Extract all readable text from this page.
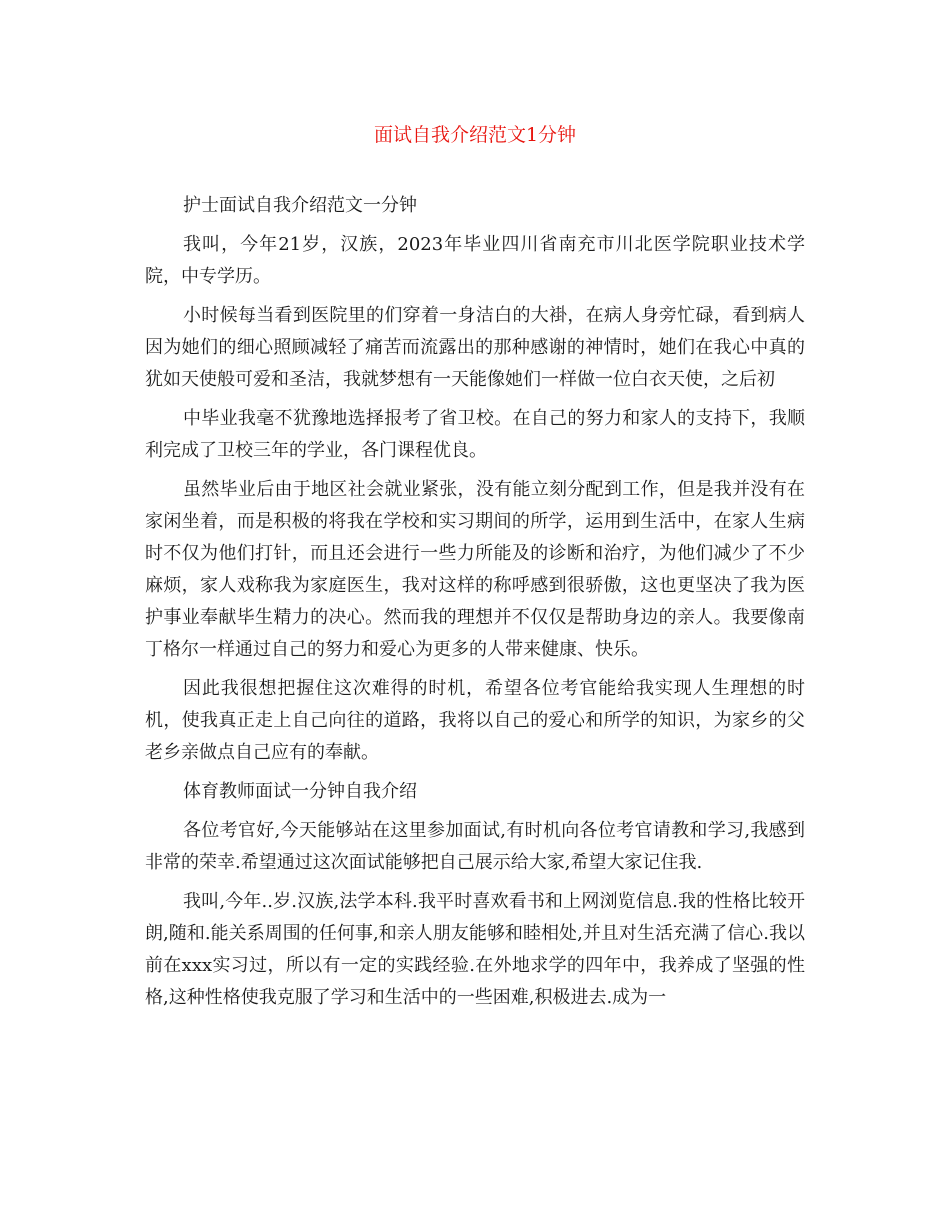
面试自我介绍范文1分钟

护士面试自我介绍范文一分钟

我叫，今年21岁，汉族，2023年毕业四川省南充市川北医学院职业技术学院，中专学历。

小时候每当看到医院里的们穿着一身洁白的大褂，在病人身旁忙碌，看到病人因为她们的细心照顾减轻了痛苦而流露出的那种感谢的神情时，她们在我心中真的犹如天使般可爱和圣洁，我就梦想有一天能像她们一样做一位白衣天使，之后初

中毕业我毫不犹豫地选择报考了省卫校。在自己的努力和家人的支持下，我顺利完成了卫校三年的学业，各门课程优良。

虽然毕业后由于地区社会就业紧张，没有能立刻分配到工作，但是我并没有在家闲坐着，而是积极的将我在学校和实习期间的所学，运用到生活中，在家人生病时不仅为他们打针，而且还会进行一些力所能及的诊断和治疗，为他们减少了不少麻烦，家人戏称我为家庭医生，我对这样的称呼感到很骄傲，这也更坚决了我为医护事业奉献毕生精力的决心。然而我的理想并不仅仅是帮助身边的亲人。我要像南丁格尔一样通过自己的努力和爱心为更多的人带来健康、快乐。

因此我很想把握住这次难得的时机，希望各位考官能给我实现人生理想的时机，使我真正走上自己向往的道路，我将以自己的爱心和所学的知识，为家乡的父老乡亲做点自己应有的奉献。

体育教师面试一分钟自我介绍

各位考官好,今天能够站在这里参加面试,有时机向各位考官请教和学习,我感到非常的荣幸.希望通过这次面试能够把自己展示给大家,希望大家记住我.

我叫,今年..岁.汉族,法学本科.我平时喜欢看书和上网浏览信息.我的性格比较开朗,随和.能关系周围的任何事,和亲人朋友能够和睦相处,并且对生活充满了信心.我以前在xxx实习过，所以有一定的实践经验.在外地求学的四年中，我养成了坚强的性格,这种性格使我克服了学习和生活中的一些困难,积极进去.成为一
